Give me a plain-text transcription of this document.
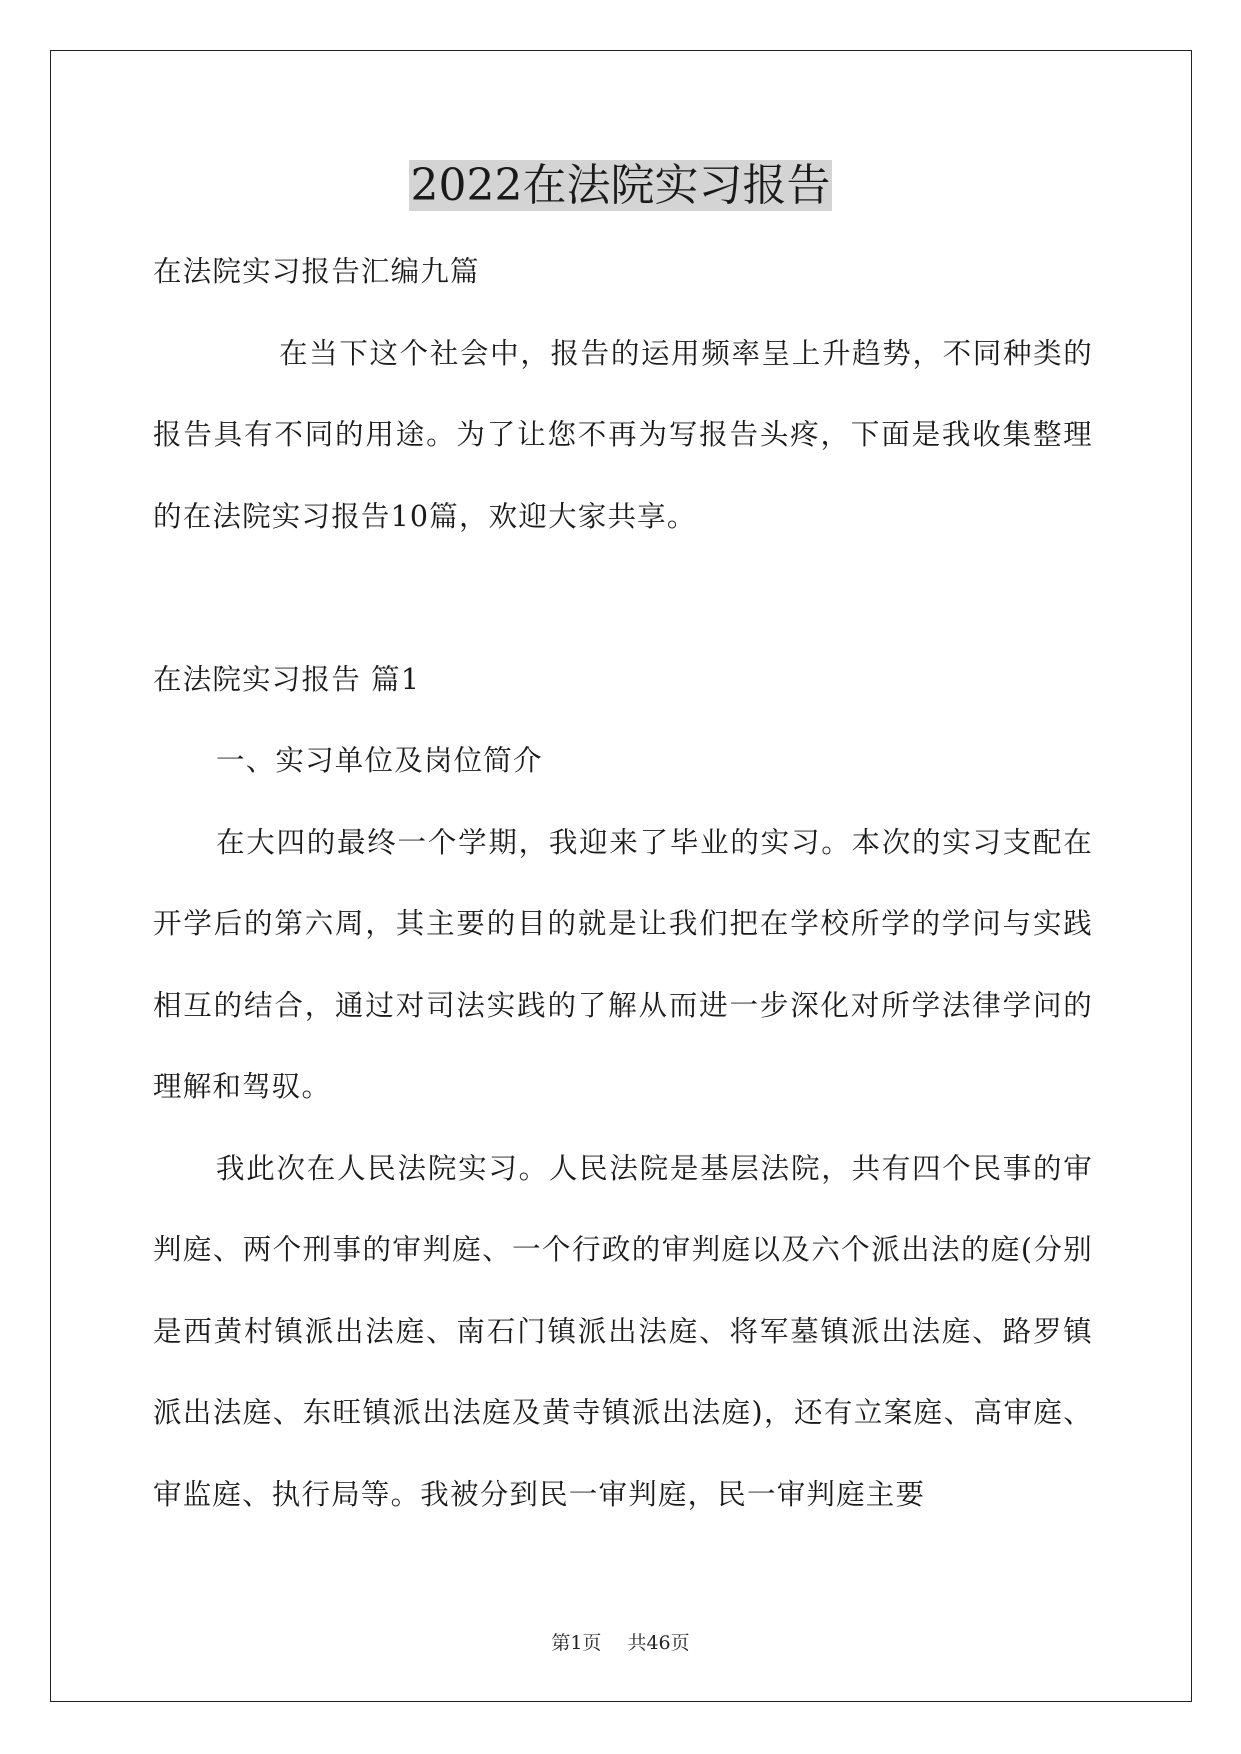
2022在法院实习报告

在法院实习报告汇编九篇

在当下这个社会中，报告的运用频率呈上升趋势，不同种类的报告具有不同的用途。为了让您不再为写报告头疼，下面是我收集整理的在法院实习报告10篇，欢迎大家共享。

在法院实习报告 篇1

一、实习单位及岗位简介

在大四的最终一个学期，我迎来了毕业的实习。本次的实习支配在开学后的第六周，其主要的目的就是让我们把在学校所学的学问与实践相互的结合，通过对司法实践的了解从而进一步深化对所学法律学问的理解和驾驭。

我此次在人民法院实习。人民法院是基层法院，共有四个民事的审判庭、两个刑事的审判庭、一个行政的审判庭以及六个派出法的庭(分别是西黄村镇派出法庭、南石门镇派出法庭、将军墓镇派出法庭、路罗镇派出法庭、东旺镇派出法庭及黄寺镇派出法庭)，还有立案庭、高审庭、审监庭、执行局等。我被分到民一审判庭，民一审判庭主要

第1页 共46页
